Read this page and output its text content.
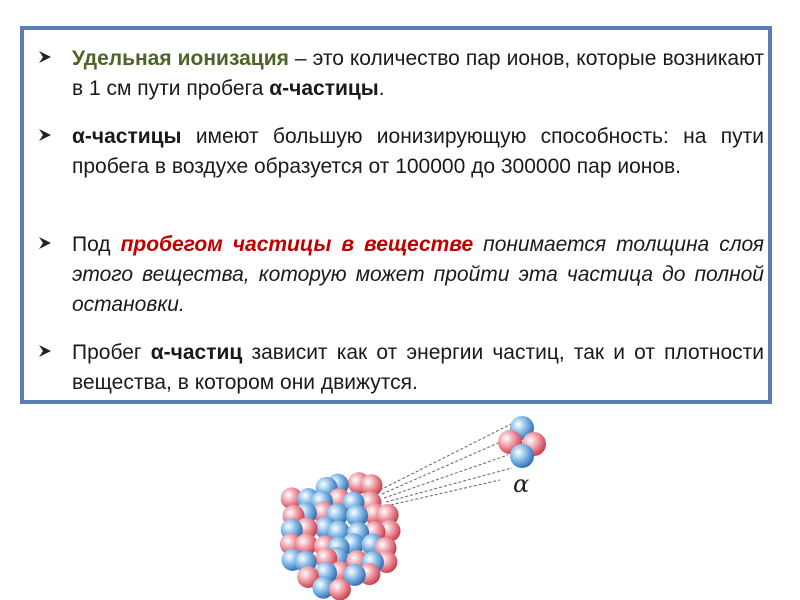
Удельная ионизация – это количество пар ионов, которые возникают в 1 см пути пробега α-частицы.
α-частицы имеют большую ионизирующую способность: на пути пробега в воздухе образуется от 100000 до 300000 пар ионов.
Под пробегом частицы в веществе понимается толщина слоя этого вещества, которую может пройти эта частица до полной остановки.
Пробег α-частиц зависит как от энергии частиц, так и от плотности вещества, в котором они движутся.
α
